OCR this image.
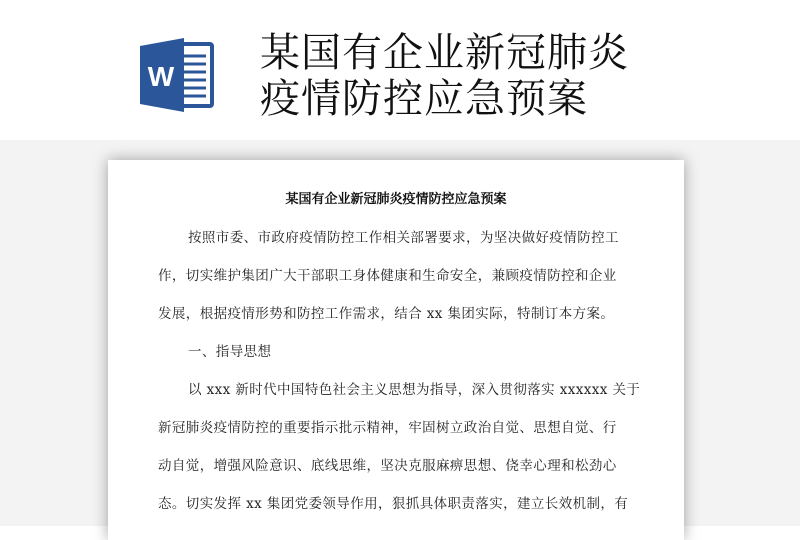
W
某国有企业新冠肺炎
疫情防控应急预案
某国有企业新冠肺炎疫情防控应急预案
按照市委、市政府疫情防控工作相关部署要求，为坚决做好疫情防控工
作，切实维护集团广大干部职工身体健康和生命安全，兼顾疫情防控和企业
发展，根据疫情形势和防控工作需求，结合 xx 集团实际，特制订本方案。
一、指导思想
以 xxx 新时代中国特色社会主义思想为指导，深入贯彻落实 xxxxxx 关于
新冠肺炎疫情防控的重要指示批示精神，牢固树立政治自觉、思想自觉、行
动自觉，增强风险意识、底线思维，坚决克服麻痹思想、侥幸心理和松劲心
态。切实发挥 xx 集团党委领导作用，狠抓具体职责落实，建立长效机制，有
